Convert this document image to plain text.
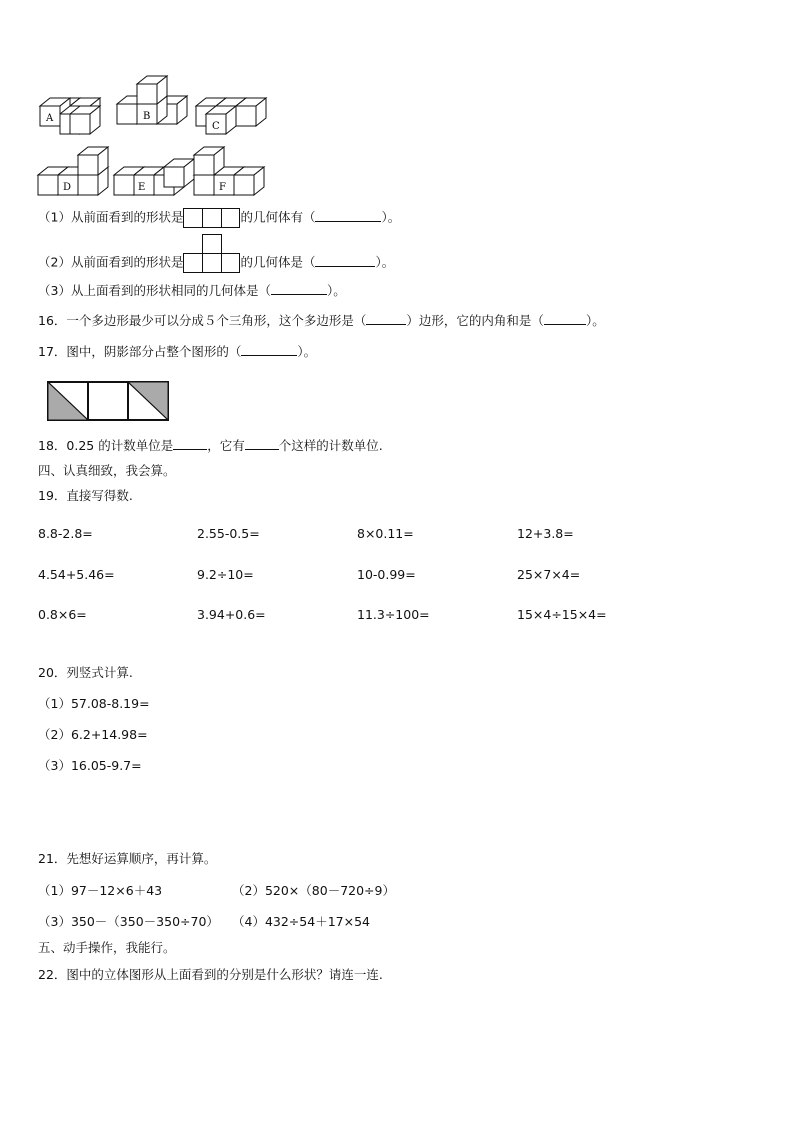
A	B
C
D	E	F
（1）从前面看到的形状是	的几何体有（	）。
（2）从前面看到的形状是	的几何体是（	）。
（3）从上面看到的形状相同的几何体是（	）。
16．一个多边形最少可以分成５个三角形，这个多边形是（	）边形，它的内角和是（	）。
17．图中，阴影部分占整个图形的（	）。
18．0.25 的计数单位是	，它有	个这样的计数单位.
四、认真细致，我会算。
19．直接写得数.
8.8-2.8=	2.55-0.5=	8×0.11=	12+3.8=
4.54+5.46=	9.2÷10=	10-0.99=	25×7×4=
0.8×6=	3.94+0.6=	11.3÷100=	15×4÷15×4=
20．列竖式计算.
（1）57.08-8.19=
（2）6.2+14.98=
（3）16.05-9.7=
21．先想好运算顺序，再计算。
（1）97－12×6＋43	（2）520×（80－720÷9）
（3）350－（350－350÷70） （4）432÷54＋17×54
五、动手操作，我能行。
22．图中的立体图形从上面看到的分别是什么形状？请连一连.
